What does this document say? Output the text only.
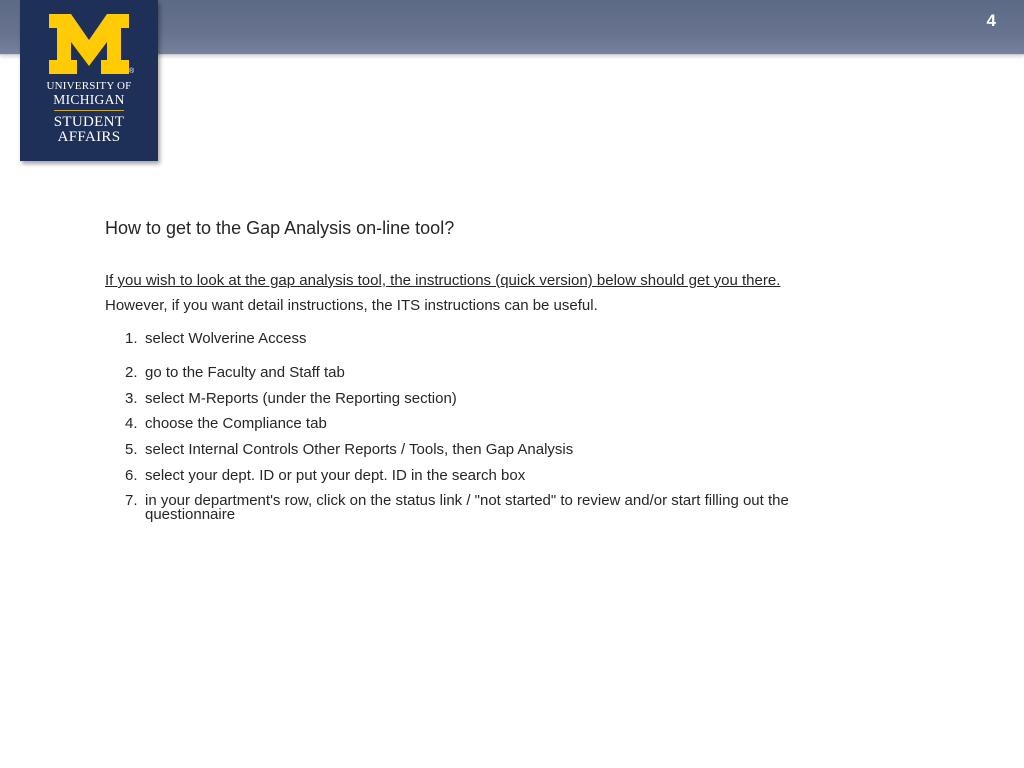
4
®
UNIVERSITY OF
MICHIGAN
STUDENT
AFFAIRS
How to get to the Gap Analysis on-line tool?
If you wish to look at the gap analysis tool, the instructions (quick version) below should get you there.
However, if you want detail instructions, the ITS instructions can be useful.
1. select Wolverine Access
2. go to the Faculty and Staff tab
3. select M-Reports (under the Reporting section)
4. choose the Compliance tab
5. select Internal Controls Other Reports / Tools, then Gap Analysis
6. select your dept. ID or put your dept. ID in the search box
7. in your department's row, click on the status link / "not started" to review and/or start filling out the
questionnaire
